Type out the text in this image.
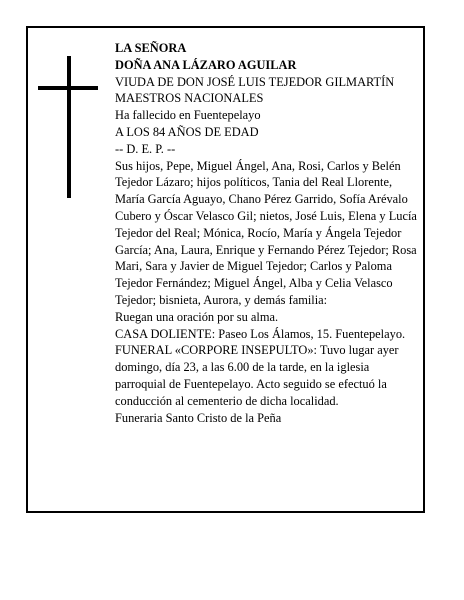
LA SEÑORA

DOÑA ANA LÁZARO AGUILAR

VIUDA DE DON JOSÉ LUIS TEJEDOR GILMARTÍN

MAESTROS NACIONALES

Ha fallecido en Fuentepelayo

A LOS 84 AÑOS DE EDAD

-- D. E. P. --

Sus hijos, Pepe, Miguel Ángel, Ana, Rosi, Carlos y Belén Tejedor Lázaro; hijos políticos, Tania del Real Llorente, María García Aguayo, Chano Pérez Garrido, Sofía Arévalo Cubero y Óscar Velasco Gil; nietos, José Luis, Elena y Lucía Tejedor del Real; Mónica, Rocío, María y Ángela Tejedor García; Ana, Laura, Enrique y Fernando Pérez Tejedor; Rosa Mari, Sara y Javier de Miguel Tejedor; Carlos y Paloma Tejedor Fernández; Miguel Ángel, Alba y Celia Velasco Tejedor; bisnieta, Aurora, y demás familia:

Ruegan una oración por su alma.

CASA DOLIENTE: Paseo Los Álamos, 15. Fuentepelayo.

FUNERAL «CORPORE INSEPULTO»: Tuvo lugar ayer domingo, día 23, a las 6.00 de la tarde, en la iglesia parroquial de Fuentepelayo. Acto seguido se efectuó la conducción al cementerio de dicha localidad.

Funeraria Santo Cristo de la Peña
